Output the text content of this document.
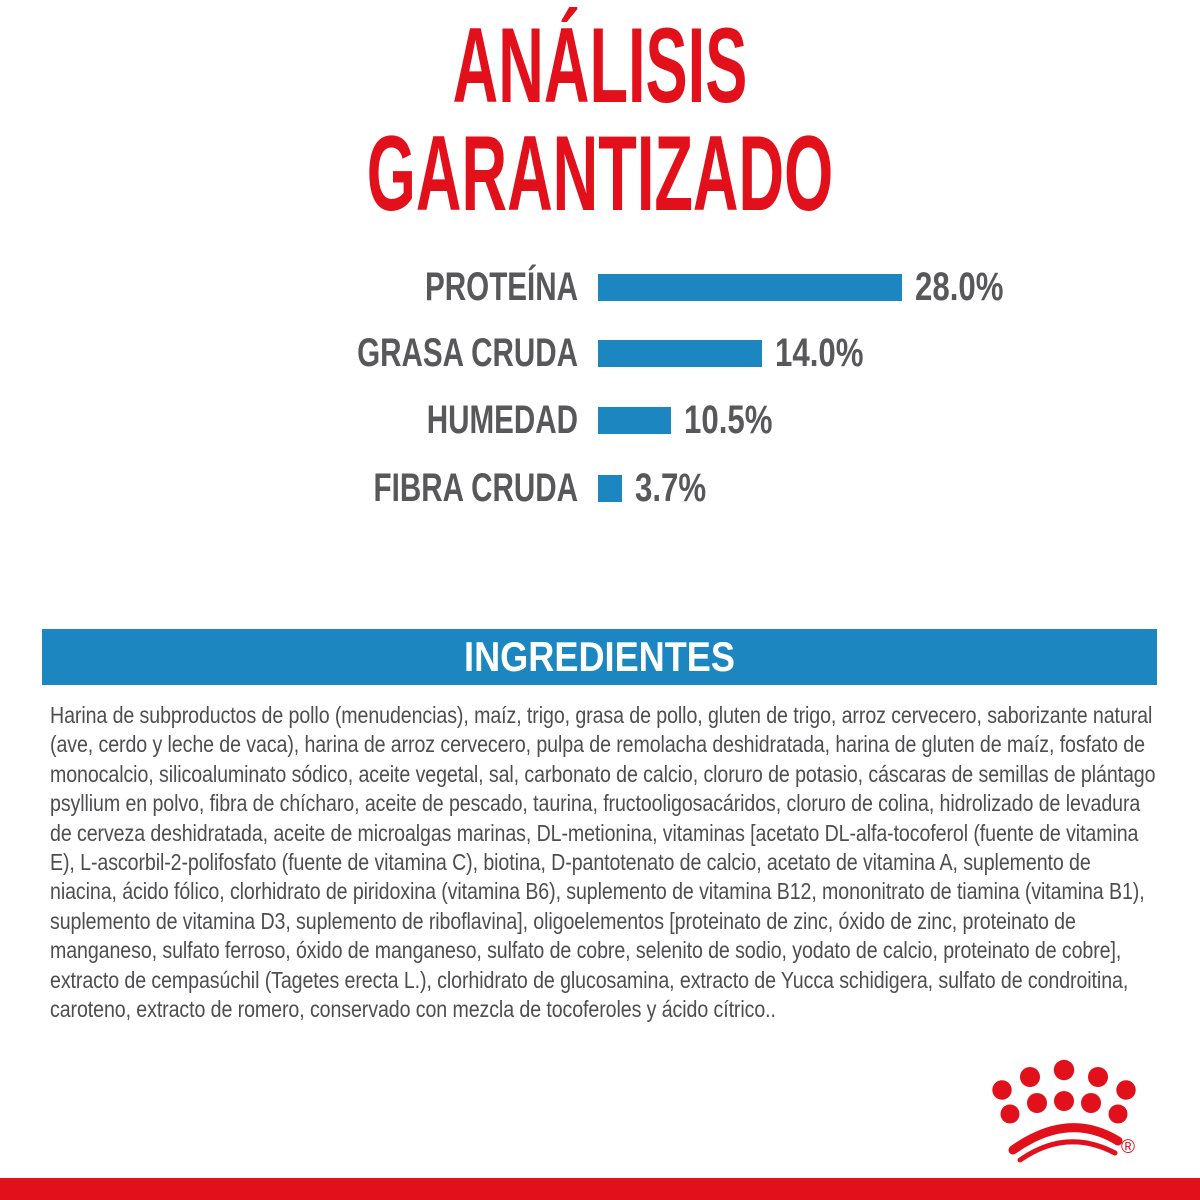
ANÁLISIS
GARANTIZADO
PROTEÍNA	28.0%
GRASA CRUDA	14.0%
HUMEDAD	10.5%
FIBRA CRUDA 3.7%
INGREDIENTES
Harina de subproductos de pollo (menudencias), maíz, trigo, grasa de pollo, gluten de trigo, arroz cervecero, saborizante natural (ave, cerdo y leche de vaca), harina de arroz cervecero, pulpa de remolacha deshidratada, harina de gluten de maíz, fosfato de monocalcio, silicoaluminato sódico, aceite vegetal, sal, carbonato de calcio, cloruro de potasio, cáscaras de semillas de plántago psyllium en polvo, fibra de chícharo, aceite de pescado, taurina, fructooligosacáridos, cloruro de colina, hidrolizado de levadura de cerveza deshidratada, aceite de microalgas marinas, DL-metionina, vitaminas [acetato DL-alfa-tocoferol (fuente de vitamina E), L-ascorbil-2-polifosfato (fuente de vitamina C), biotina, D-pantotenato de calcio, acetato de vitamina A, suplemento de niacina, ácido fólico, clorhidrato de piridoxina (vitamina B6), suplemento de vitamina B12, mononitrato de tiamina (vitamina B1), suplemento de vitamina D3, suplemento de riboflavina], oligoelementos [proteinato de zinc, óxido de zinc, proteinato de manganeso, sulfato ferroso, óxido de manganeso, sulfato de cobre, selenito de sodio, yodato de calcio, proteinato de cobre], extracto de cempasúchil (Tagetes erecta L.), clorhidrato de glucosamina, extracto de Yucca schidigera, sulfato de condroitina, caroteno, extracto de romero, conservado con mezcla de tocoferoles y ácido cítrico..
®
